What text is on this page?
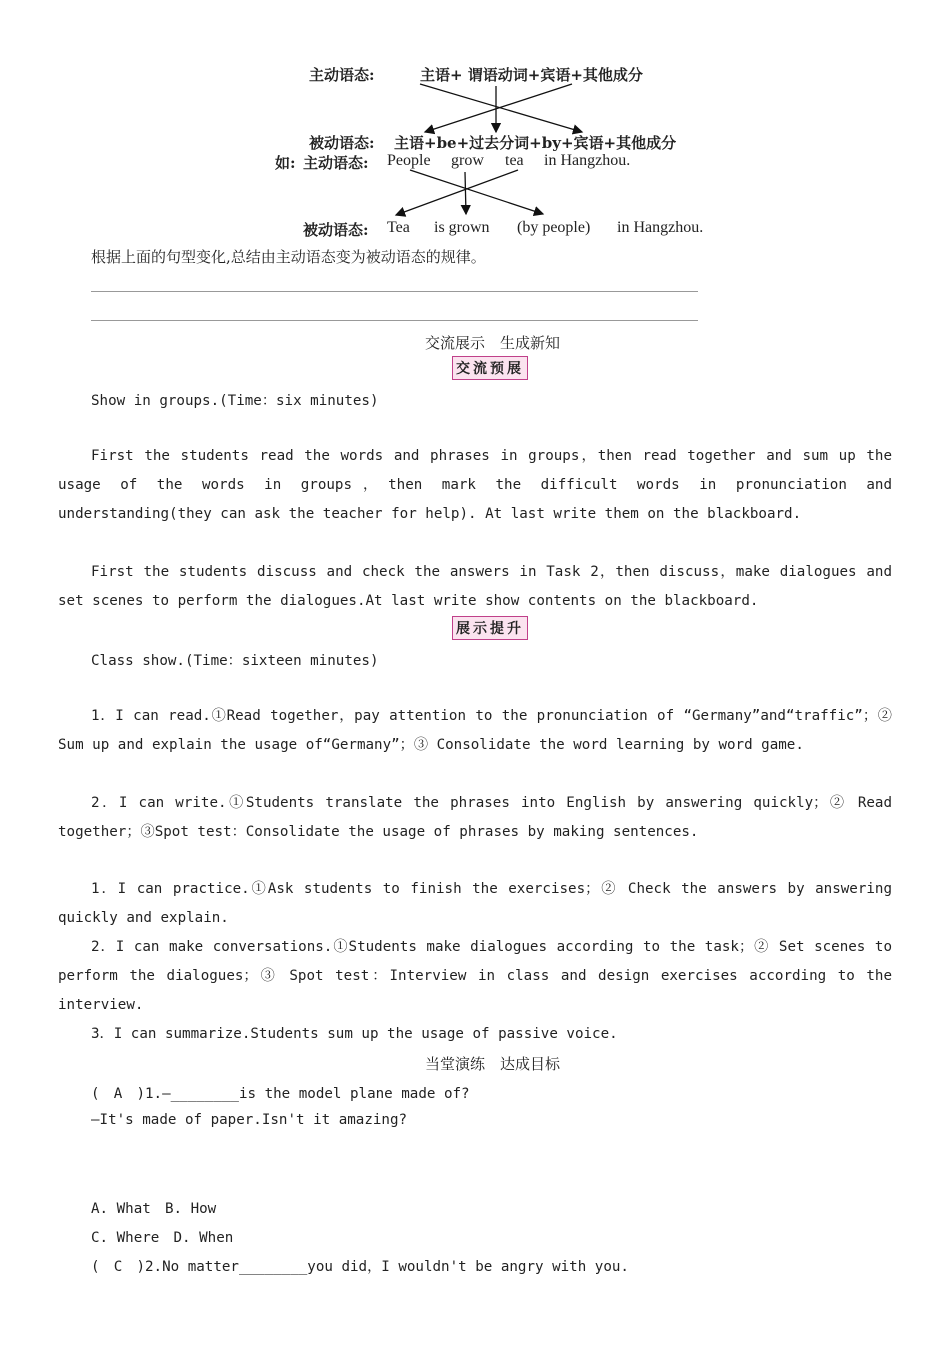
主动语态:	主语+ 谓语动词+宾语+其他成分
被动语态: 主语+be+过去分词+by+宾语+其他成分
如: 主动语态: People grow tea in Hangzhou.
被动语态: Tea is grown (by people) in Hangzhou.
根据上面的句型变化,总结由主动语态变为被动语态的规律。
交流展示　生成新知
交流预展
Show in groups.(Time：six minutes)
First the students read the words and phrases in groups，then read together and sum up the usage of the words in groups，then mark the difficult words in pronunciation and understanding(they can ask the teacher for help). At last write them on the blackboard.
First the students discuss and check the answers in Task 2，then discuss，make dialogues and set scenes to perform the dialogues.At last write show contents on the blackboard.
展示提升
Class show.(Time：sixteen minutes)
1．I can read.①Read together，pay attention to the pronunciation of “Germany”and“traffic”；② Sum up and explain the usage of“Germany”；③ Consolidate the word learning by word game.
2．I can write.①Students translate the phrases into English by answering quickly；② Read together；③Spot test：Consolidate the usage of phrases by making sentences.
1．I can practice.①Ask students to finish the exercises；② Check the answers by answering quickly and explain.
2．I can make conversations.①Students make dialogues according to the task；② Set scenes to perform the dialogues；③ Spot test：Interview in class and design exercises according to the interview.
3．I can summarize.Students sum up the usage of passive voice.
当堂演练　达成目标
(　A　)1.—________is the model plane made of?
—It's made of paper.Isn't it amazing?
A. What　B. How
C. Where　D. When
(　C　)2.No matter________you did，I wouldn't be angry with you.
